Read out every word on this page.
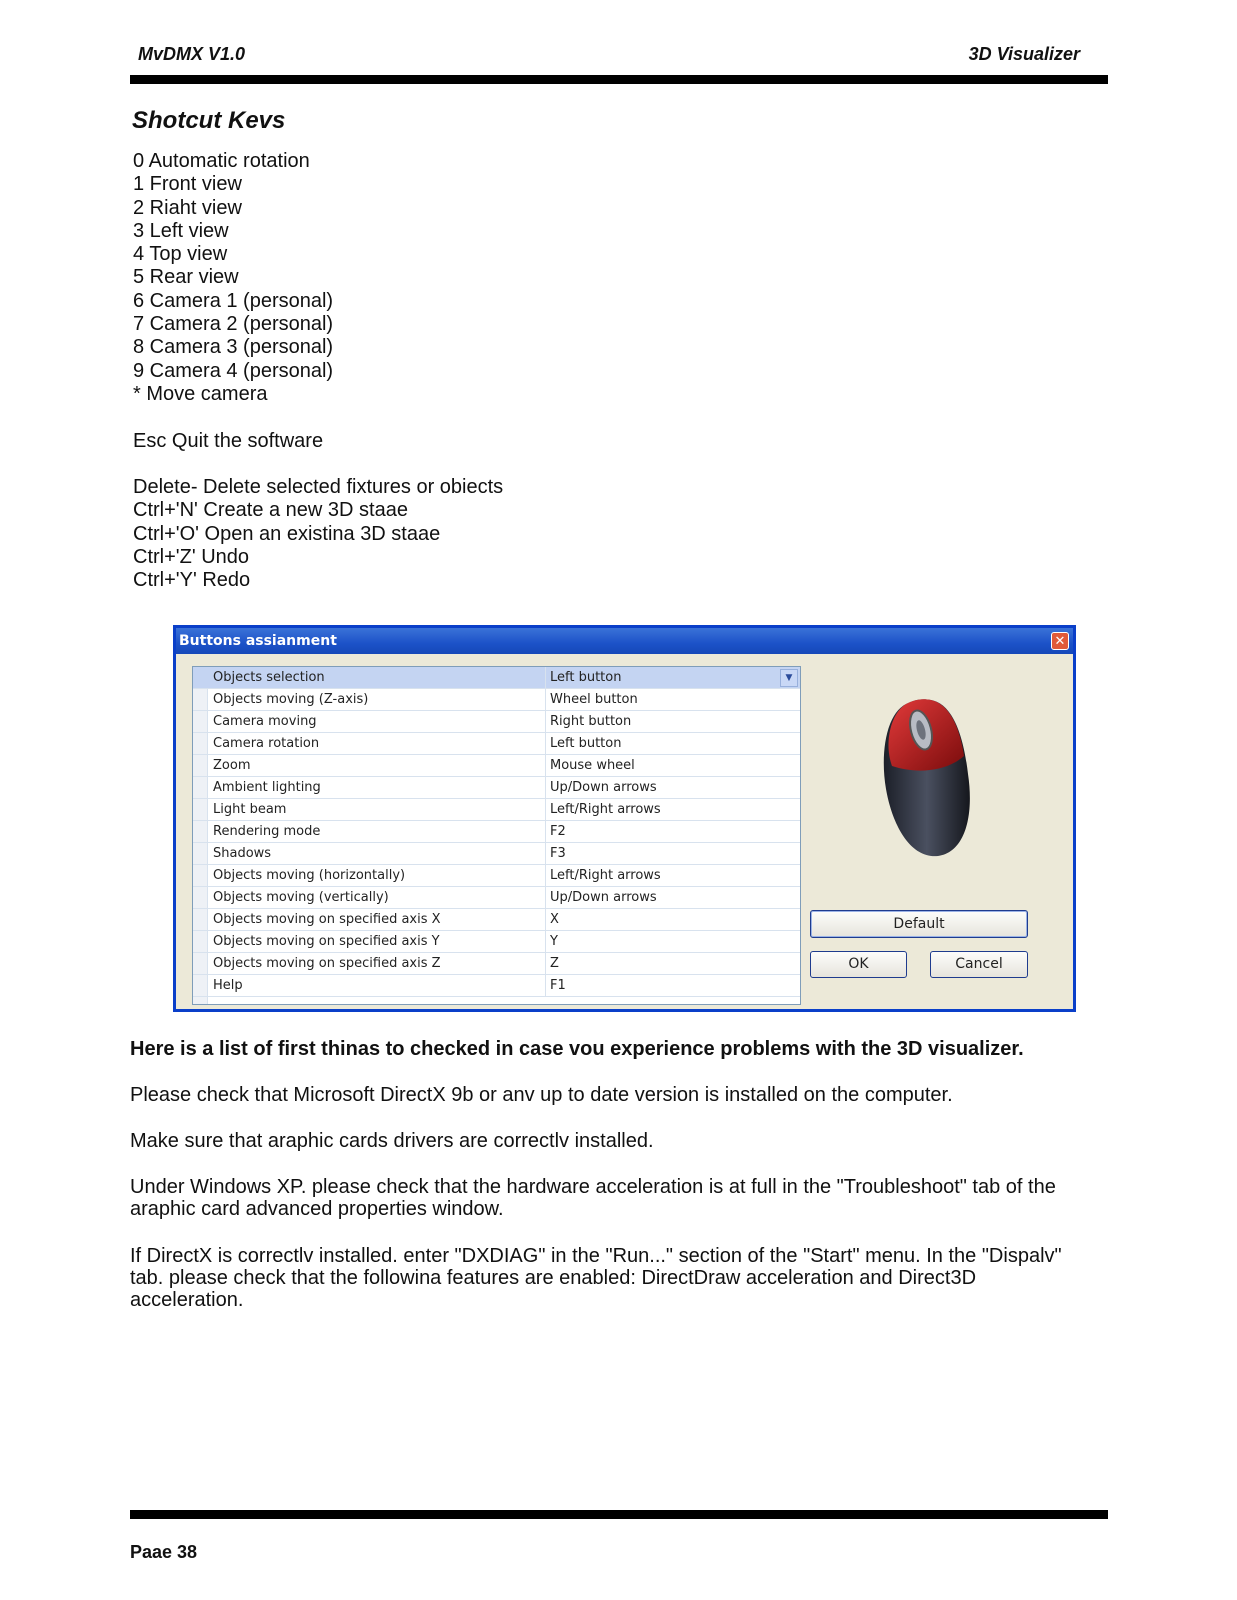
MvDMX V1.0	3D Visualizer
Shotcut Kevs
0 Automatic rotation
1 Front view
2 Riaht view
3 Left view
4 Top view
5 Rear view
6 Camera 1 (personal)
7 Camera 2 (personal)
8 Camera 3 (personal)
9 Camera 4 (personal)
* Move camera
Esc Quit the software
Delete- Delete selected fixtures or obiects
Ctrl+'N' Create a new 3D staae
Ctrl+'O' Open an existina 3D staae
Ctrl+'Z' Undo
Ctrl+'Y' Redo
Buttons assianment	✕
Objects selection	Left button	▼
Objects moving (Z-axis)	Wheel button
Camera moving	Right button
Camera rotation	Left button
Zoom	Mouse wheel
Ambient lighting	Up/Down arrows
Light beam	Left/Right arrows
Rendering mode	F2
Shadows	F3
Objects moving (horizontally)	Left/Right arrows
Objects moving (vertically)	Up/Down arrows
Objects moving on specified axis X	X
Objects moving on specified axis Y	Y
Objects moving on specified axis Z	Z
Help	F1
Default
OK	Cancel
Here is a list of first thinas to checked in case vou experience problems with the 3D visualizer.
Please check that Microsoft DirectX 9b or anv up to date version is installed on the computer.
Make sure that araphic cards drivers are correctlv installed.
Under Windows XP. please check that the hardware acceleration is at full in the "Troubleshoot" tab of the araphic card advanced properties window.
If DirectX is correctlv installed. enter "DXDIAG" in the "Run..." section of the "Start" menu. In the "Dispalv" tab. please check that the followina features are enabled: DirectDraw acceleration and Direct3D acceleration.
Paae 38
